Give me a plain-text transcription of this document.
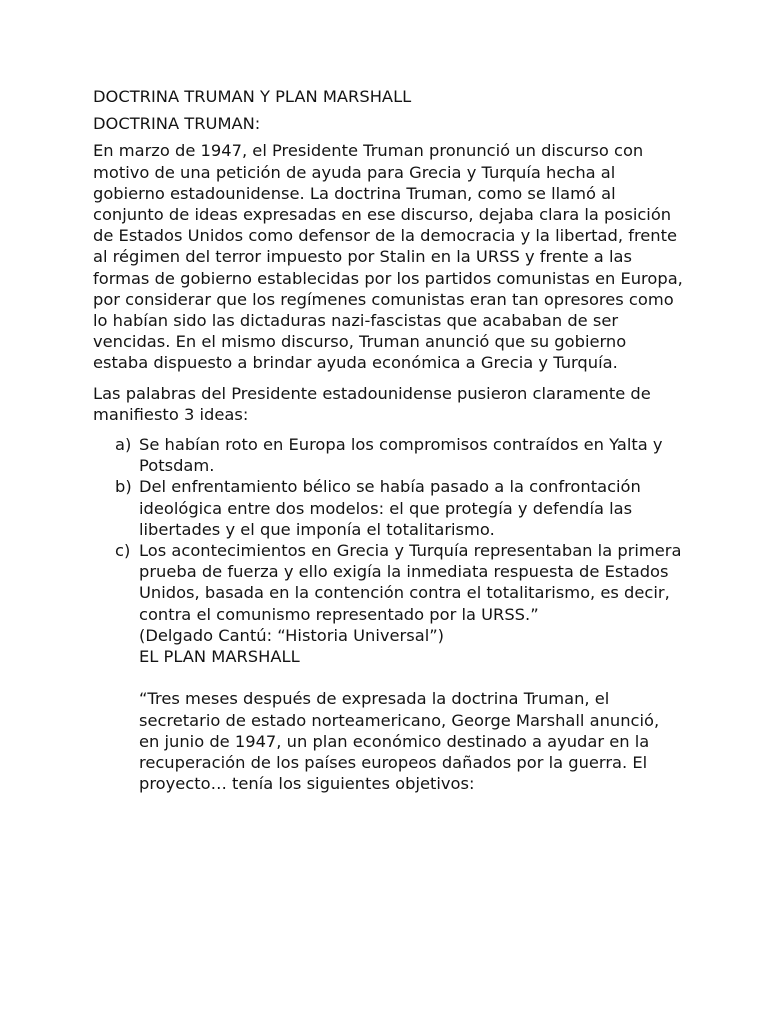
DOCTRINA TRUMAN Y PLAN MARSHALL

DOCTRINA TRUMAN:

En marzo de 1947, el Presidente Truman pronunció un discurso con motivo de una petición de ayuda para Grecia y Turquía hecha al gobierno estadounidense. La doctrina Truman, como se llamó al conjunto de ideas expresadas en ese discurso, dejaba clara la posición de Estados Unidos como defensor de la democracia y la libertad, frente al régimen del terror impuesto por Stalin en la URSS y frente a las formas de gobierno establecidas por los partidos comunistas en Europa, por considerar que los regímenes comunistas eran tan opresores como lo habían sido las dictaduras nazi-fascistas que acababan de ser vencidas. En el mismo discurso, Truman anunció que su gobierno estaba dispuesto a brindar ayuda económica a Grecia y Turquía.

Las palabras del Presidente estadounidense pusieron claramente de manifiesto 3 ideas:

a) Se habían roto en Europa los compromisos contraídos en Yalta y Potsdam.
b) Del enfrentamiento bélico se había pasado a la confrontación ideológica entre dos modelos: el que protegía y defendía las libertades y el que imponía el totalitarismo.
c) Los acontecimientos en Grecia y Turquía representaban la primera prueba de fuerza y ello exigía la inmediata respuesta de Estados Unidos, basada en la contención contra el totalitarismo, es decir, contra el comunismo representado por la URSS.”
(Delgado Cantú: “Historia Universal”)
EL PLAN MARSHALL
“Tres meses después de expresada la doctrina Truman, el secretario de estado norteamericano, George Marshall anunció, en junio de 1947, un plan económico destinado a ayudar en la recuperación de los países europeos dañados por la guerra. El proyecto… tenía los siguientes objetivos:
